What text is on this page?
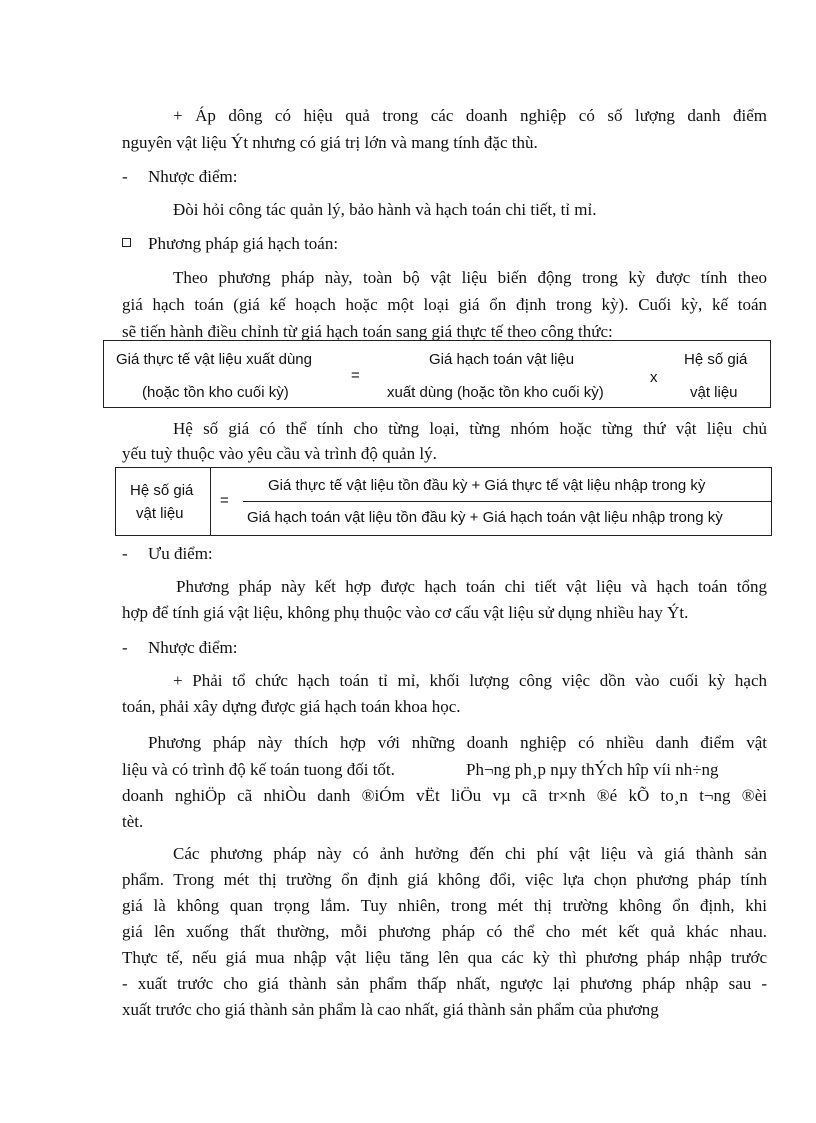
+ Áp dông có hiệu quả trong các doanh nghiệp có số lượng danh điểm
nguyên vật liệu Ýt nhưng có giá trị lớn và mang tính đặc thù.
- Nhược điểm:
Đòi hỏi công tác quản lý, bảo hành và hạch toán chi tiết, tỉ mỉ.
Phương pháp giá hạch toán:
Theo phương pháp này, toàn bộ vật liệu biến động trong kỳ được tính theo
giá hạch toán (giá kế hoạch hoặc một loại giá ổn định trong kỳ). Cuối kỳ, kế toán
sẽ tiến hành điều chỉnh từ giá hạch toán sang giá thực tế theo công thức:
Giá thực tế vật liệu xuất dùng
(hoặc tồn kho cuối kỳ)
=
Giá hạch toán vật liệu
xuất dùng (hoặc tồn kho cuối kỳ)
x
Hệ số giá
vật liệu
Hệ số giá có thể tính cho từng loại, từng nhóm hoặc từng thứ vật liệu chủ
yếu tuỳ thuộc vào yêu cầu và trình độ quản lý.
Hệ số giá
vật liệu
=
Giá thực tế vật liệu tồn đầu kỳ + Giá thực tế vật liệu nhập trong kỳ
Giá hạch toán vật liệu tồn đầu kỳ + Giá hạch toán vật liệu nhập trong kỳ
- Ưu điểm:
Phương pháp này kết hợp được hạch toán chi tiết vật liệu và hạch toán tổng
hợp để tính giá vật liệu, không phụ thuộc vào cơ cấu vật liệu sử dụng nhiều hay Ýt.
- Nhược điểm:
+ Phải tổ chức hạch toán tỉ mỉ, khối lượng công việc dồn vào cuối kỳ hạch
toán, phải xây dựng được giá hạch toán khoa học.
Phương pháp này thích hợp với những doanh nghiệp có nhiều danh điểm vật
liệu và có trình độ kế toán tuong đối tốt.	Ph¬ng ph¸p nµy thÝch hîp víi nh÷ng
doanh nghiÖp cã nhiÒu danh ®iÓm vËt liÖu vµ cã tr×nh ®é kÕ to¸n t¬ng ®èi
tèt.
Các phương pháp này có ảnh hưởng đến chi phí vật liệu và giá thành sản
phẩm. Trong mét thị trường ổn định giá không đổi, việc lựa chọn phương pháp tính
giá là không quan trọng lắm. Tuy nhiên, trong mét thị trường không ổn định, khi
giá lên xuống thất thường, mỗi phương pháp có thể cho mét kết quả khác nhau.
Thực tế, nếu giá mua nhập vật liệu tăng lên qua các kỳ thì phương pháp nhập trước
- xuất trước cho giá thành sản phẩm thấp nhất, ngược lại phương pháp nhập sau -
xuất trước cho giá thành sản phẩm là cao nhất, giá thành sản phẩm của phương
